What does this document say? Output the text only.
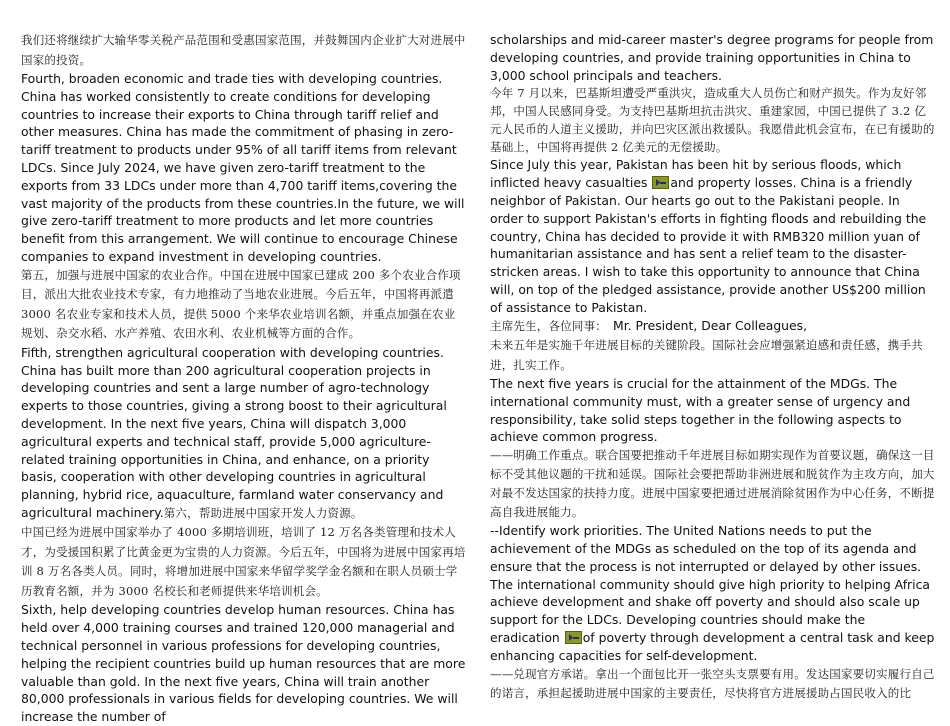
我们还将继续扩大输华零关税产品范围和受惠国家范围，并鼓舞国内企业扩大对进展中国家的投资。

Fourth, broaden economic and trade ties with developing countries. China has worked consistently to create conditions for developing countries to increase their exports to China through tariff relief and other measures. China has made the commitment of phasing in zero-tariff treatment to products under 95% of all tariff items from relevant LDCs. Since July 2024, we have given zero-tariff treatment to the exports from 33 LDCs under more than 4,700 tariff items,covering the vast majority of the products from these countries.In the future, we will give zero-tariff treatment to more products and let more countries benefit from this arrangement. We will continue to encourage Chinese companies to expand investment in developing countries.

第五，加强与进展中国家的农业合作。中国在进展中国家已建成 200 多个农业合作项目，派出大批农业技术专家，有力地推动了当地农业进展。今后五年，中国将再派遣 3000 名农业专家和技术人员，提供 5000 个来华农业培训名额，并重点加强在农业规划、杂交水稻、水产养殖、农田水利、农业机械等方面的合作。

Fifth, strengthen agricultural cooperation with developing countries. China has built more than 200 agricultural cooperation projects in developing countries and sent a large number of agro-technology experts to those countries, giving a strong boost to their agricultural development. In the next five years, China will dispatch 3,000 agricultural experts and technical staff, provide 5,000 agriculture-related training opportunities in China, and enhance, on a priority basis, cooperation with other developing countries in agricultural planning, hybrid rice, aquaculture, farmland water conservancy and agricultural machinery.第六，帮助进展中国家开发人力资源。

中国已经为进展中国家举办了 4000 多期培训班，培训了 12 万名各类管理和技术人才，为受援国积累了比黄金更为宝贵的人力资源。今后五年，中国将为进展中国家再培训 8 万名各类人员。同时，将增加进展中国家来华留学奖学金名额和在职人员硕士学历教育名额，并为 3000 名校长和老师提供来华培训机会。

Sixth, help developing countries develop human resources. China has held over 4,000 training courses and trained 120,000 managerial and technical personnel in various professions for developing countries, helping the recipient countries build up human resources that are more valuable than gold. In the next five years, China will train another 80,000 professionals in various fields for developing countries. We will increase the number of

scholarships and mid-career master's degree programs for people from developing countries, and provide training opportunities in China to 3,000 school principals and teachers.

今年 7 月以来，巴基斯坦遭受严重洪灾，造成重大人员伤亡和财产损失。作为友好邻邦，中国人民感同身受。为支持巴基斯坦抗击洪灾、重建家园，中国已提供了 3.2 亿元人民币的人道主义援助，并向巴灾区派出救援队。我愿借此机会宣布，在已有援助的基础上，中国将再提供 2 亿美元的无偿援助。

Since July this year, Pakistan has been hit by serious floods, which inflicted heavy casualties and property losses. China is a friendly neighbor of Pakistan. Our hearts go out to the Pakistani people. In order to support Pakistan's efforts in fighting floods and rebuilding the country, China has decided to provide it with RMB320 million yuan of humanitarian assistance and has sent a relief team to the disaster-stricken areas. I wish to take this opportunity to announce that China will, on top of the pledged assistance, provide another US$200 million of assistance to Pakistan.

主席先生，各位同事： Mr. President, Dear Colleagues,

未来五年是实施千年进展目标的关键阶段。国际社会应增强紧迫感和责任感，携手共进，扎实工作。

The next five years is crucial for the attainment of the MDGs. The international community must, with a greater sense of urgency and responsibility, take solid steps together in the following aspects to achieve common progress.

——明确工作重点。联合国要把推动千年进展目标如期实现作为首要议题，确保这一目标不受其他议题的干扰和延误。国际社会要把帮助非洲进展和脱贫作为主攻方向，加大对最不发达国家的扶持力度。进展中国家要把通过进展消除贫困作为中心任务，不断提高自我进展能力。

--Identify work priorities. The United Nations needs to put the achievement of the MDGs as scheduled on the top of its agenda and ensure that the process is not interrupted or delayed by other issues. The international community should give high priority to helping Africa achieve development and shake off poverty and should also scale up support for the LDCs. Developing countries should make the eradication of poverty through development a central task and keep enhancing capacities for self-development.

——兑现官方承诺。拿出一个面包比开一张空头支票要有用。发达国家要切实履行自己的诺言，承担起援助进展中国家的主要责任，尽快将官方进展援助占国民收入的比
